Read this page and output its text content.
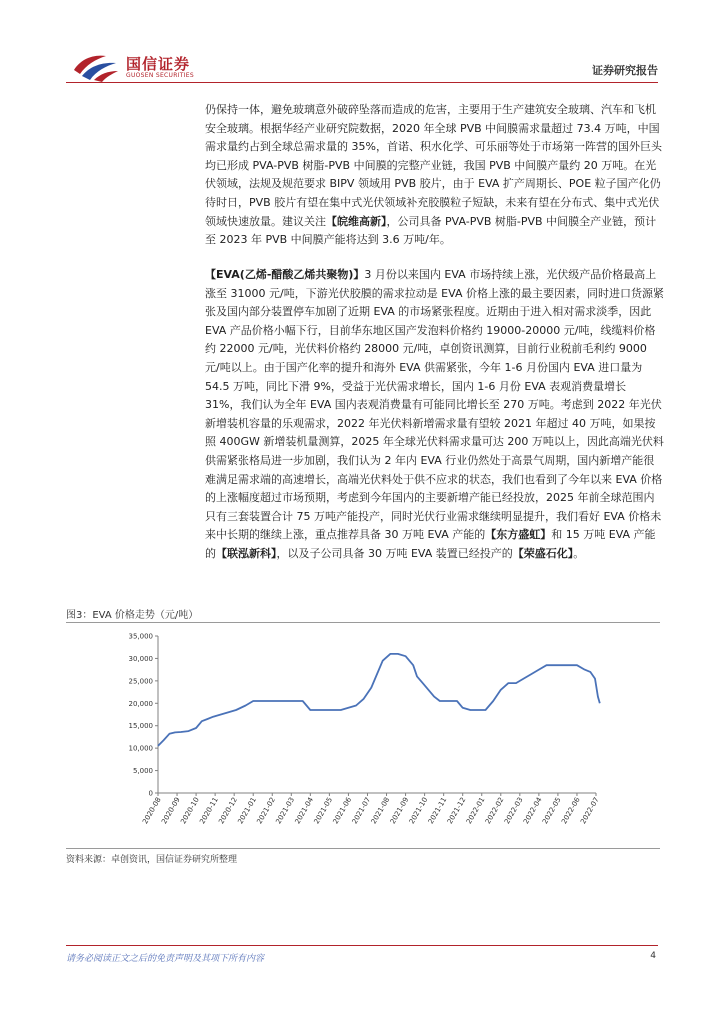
国信证券
GUOSEN SECURITIES	证券研究报告

仍保持一体，避免玻璃意外破碎坠落而造成的危害，主要用于生产建筑安全玻璃、汽车和飞机安全玻璃。根据华经产业研究院数据，2020 年全球 PVB 中间膜需求量超过 73.4 万吨，中国需求量约占到全球总需求量的 35%，首诺、积水化学、可乐丽等处于市场第一阵营的国外巨头均已形成 PVA-PVB 树脂-PVB 中间膜的完整产业链，我国 PVB 中间膜产量约 20 万吨。在光伏领域，法规及规范要求 BIPV 领域用 PVB 胶片，由于 EVA 扩产周期长、POE 粒子国产化仍待时日，PVB 胶片有望在集中式光伏领域补充胶膜粒子短缺，未来有望在分布式、集中式光伏领域快速放量。建议关注【皖维高新】，公司具备 PVA-PVB 树脂-PVB 中间膜全产业链，预计至 2023 年 PVB 中间膜产能将达到 3.6 万吨/年。

【EVA(乙烯-醋酸乙烯共聚物)】3 月份以来国内 EVA 市场持续上涨，光伏级产品价格最高上涨至 31000 元/吨，下游光伏胶膜的需求拉动是 EVA 价格上涨的最主要因素，同时进口货源紧张及国内部分装置停车加剧了近期 EVA 的市场紧张程度。近期由于进入相对需求淡季，因此 EVA 产品价格小幅下行，目前华东地区国产发泡料价格约 19000-20000 元/吨，线缆料价格约 22000 元/吨，光伏料价格约 28000 元/吨，卓创资讯测算，目前行业税前毛利约 9000 元/吨以上。由于国产化率的提升和海外 EVA 供需紧张，今年 1-6 月份国内 EVA 进口量为 54.5 万吨，同比下滑 9%，受益于光伏需求增长，国内 1-6 月份 EVA 表观消费量增长 31%，我们认为全年 EVA 国内表观消费量有可能同比增长至 270 万吨。考虑到 2022 年光伏新增装机容量的乐观需求，2022 年光伏料新增需求量有望较 2021 年超过 40 万吨，如果按照 400GW 新增装机量测算，2025 年全球光伏料需求量可达 200 万吨以上，因此高端光伏料供需紧张格局进一步加剧，我们认为 2 年内 EVA 行业仍然处于高景气周期，国内新增产能很难满足需求端的高速增长，高端光伏料处于供不应求的状态，我们也看到了今年以来 EVA 价格的上涨幅度超过市场预期，考虑到今年国内的主要新增产能已经投放，2025 年前全球范围内只有三套装置合计 75 万吨产能投产，同时光伏行业需求继续明显提升，我们看好 EVA 价格未来中长期的继续上涨，重点推荐具备 30 万吨 EVA 产能的【东方盛虹】和 15 万吨 EVA 产能的【联泓新科】，以及子公司具备 30 万吨 EVA 装置已经投产的【荣盛石化】。

图3：EVA 价格走势（元/吨）
0
5,000
10,000
15,000
20,000
25,000
30,000
35,000
2020-08
2020-09
2020-10
2020-11
2020-12
2021-01
2021-02
2021-03
2021-04
2021-05
2021-06
2021-07
2021-08
2021-09
2021-10
2021-11
2021-12
2022-01
2022-02
2022-03
2022-04
2022-05
2022-06
2022-07
资料来源：卓创资讯，国信证券研究所整理
请务必阅读正文之后的免责声明及其项下所有内容	4
